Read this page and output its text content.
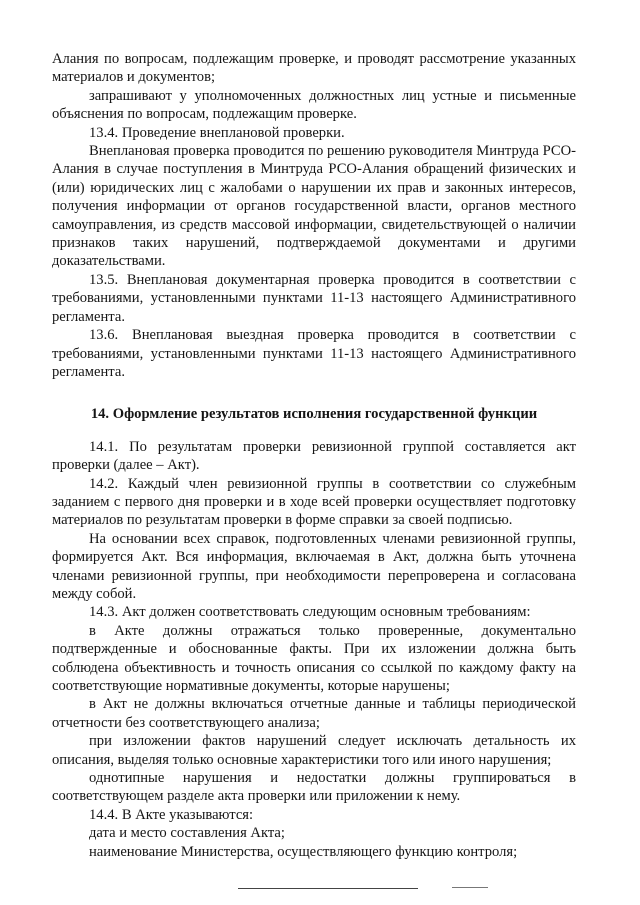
Алания по вопросам, подлежащим проверке, и проводят рассмотрение указанных материалов и документов;

запрашивают у уполномоченных должностных лиц устные и письменные объяснения по вопросам, подлежащим проверке.

13.4. Проведение внеплановой проверки.

Внеплановая проверка проводится по решению руководителя Минтруда РСО-Алания в случае поступления в Минтруда РСО-Алания обращений физических и (или) юридических лиц с жалобами о нарушении их прав и законных интересов, получения информации от органов государственной власти, органов местного самоуправления, из средств массовой информации, свидетельствующей о наличии признаков таких нарушений, подтверждаемой документами и другими доказательствами.

13.5. Внеплановая документарная проверка проводится в соответствии с требованиями, установленными пунктами 11-13 настоящего Административного регламента.

13.6. Внеплановая выездная проверка проводится в соответствии с требованиями, установленными пунктами 11-13 настоящего Административного регламента.

14. Оформление результатов исполнения государственной функции

14.1. По результатам проверки ревизионной группой составляется акт проверки (далее – Акт).

14.2. Каждый член ревизионной группы в соответствии со служебным заданием с первого дня проверки и в ходе всей проверки осуществляет подготовку материалов по результатам проверки в форме справки за своей подписью.

На основании всех справок, подготовленных членами ревизионной группы, формируется Акт. Вся информация, включаемая в Акт, должна быть уточнена членами ревизионной группы, при необходимости перепроверена и согласована между собой.

14.3. Акт должен соответствовать следующим основным требованиям:

в Акте должны отражаться только проверенные, документально подтвержденные и обоснованные факты. При их изложении должна быть соблюдена объективность и точность описания со ссылкой по каждому факту на соответствующие нормативные документы, которые нарушены;

в Акт не должны включаться отчетные данные и таблицы периодической отчетности без соответствующего анализа;

при изложении фактов нарушений следует исключать детальность их описания, выделяя только основные характеристики того или иного нарушения;

однотипные нарушения и недостатки должны группироваться в соответствующем разделе акта проверки или приложении к нему.

14.4. В Акте указываются:

дата и место составления Акта;

наименование Министерства, осуществляющего функцию контроля;
